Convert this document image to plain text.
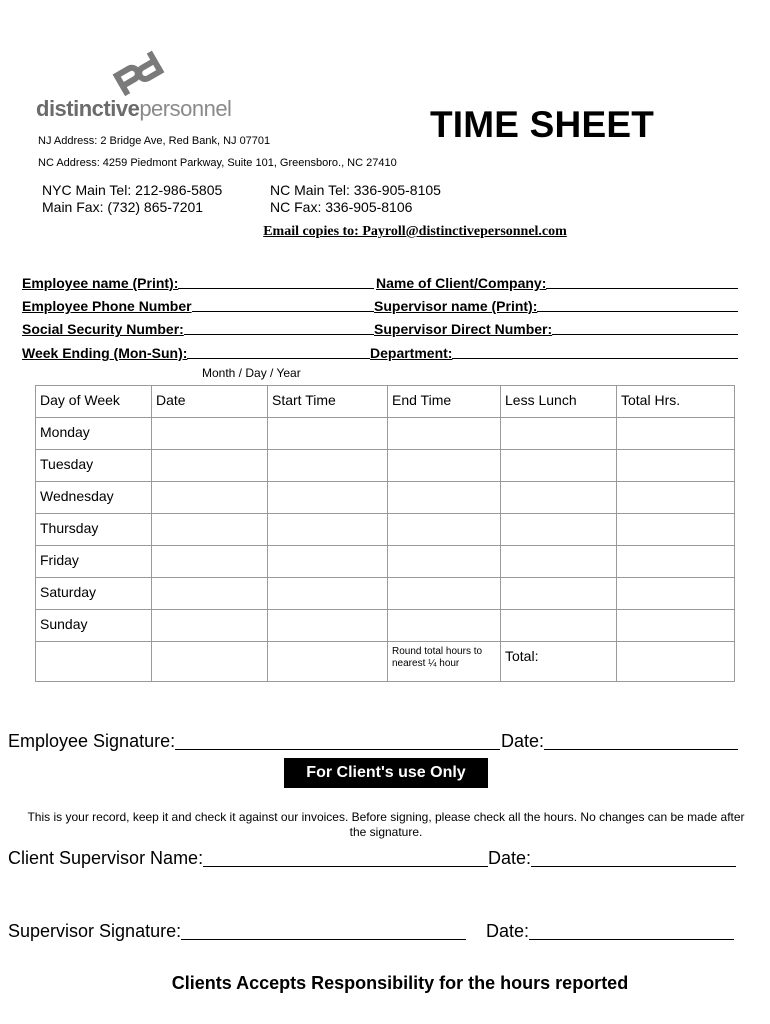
distinctivepersonnel	TIME SHEET
NJ Address: 2 Bridge Ave, Red Bank, NJ 07701
NC Address: 4259 Piedmont Parkway, Suite 101, Greensboro., NC 27410
NYC Main Tel: 212-986-5805
Main Fax: (732) 865-7201
NC Main Tel: 336-905-8105
NC Fax: 336-905-8106
Email copies to: Payroll@distinctivepersonnel.com
Employee name (Print):	Name of Client/Company:
Employee Phone Number	Supervisor name (Print):
Social Security Number:	Supervisor Direct Number:
Week Ending (Mon-Sun):	Department:
Month / Day / Year
Day of Week	Date	Start Time	End Time	Less Lunch	Total Hrs.
Monday					
Tuesday					
Wednesday					
Thursday					
Friday					
Saturday					
Sunday					
			Round total hours to nearest ¼ hour	Total:	
Employee Signature:	Date:
For Client's use Only
This is your record, keep it and check it against our invoices. Before signing, please check all the hours. No changes can be made after the signature.
Client Supervisor Name:	Date:
Supervisor Signature:	Date:
Clients Accepts Responsibility for the hours reported
